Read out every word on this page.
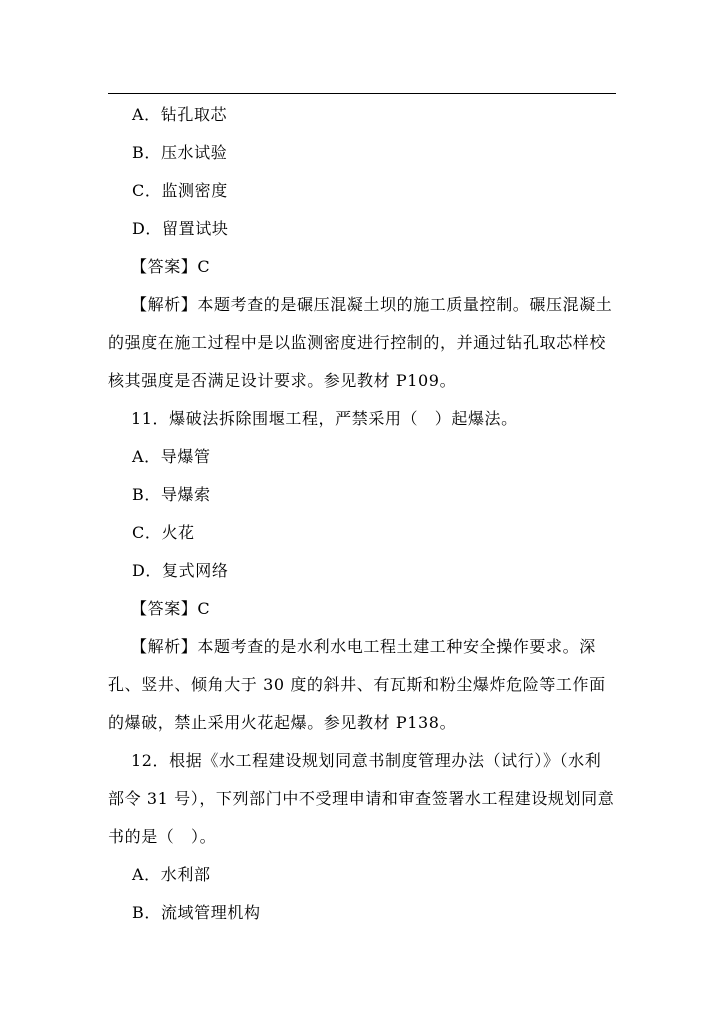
A．钻孔取芯

B．压水试验

C．监测密度

D．留置试块

【答案】C

【解析】本题考查的是碾压混凝土坝的施工质量控制。碾压混凝土的强度在施工过程中是以监测密度进行控制的，并通过钻孔取芯样校核其强度是否满足设计要求。参见教材 P109。

11．爆破法拆除围堰工程，严禁采用（　）起爆法。

A．导爆管

B．导爆索

C．火花

D．复式网络

【答案】C

【解析】本题考查的是水利水电工程土建工种安全操作要求。深孔、竖井、倾角大于 30 度的斜井、有瓦斯和粉尘爆炸危险等工作面的爆破，禁止采用火花起爆。参见教材 P138。

12．根据《水工程建设规划同意书制度管理办法（试行）》（水利部令 31 号），下列部门中不受理申请和审查签署水工程建设规划同意书的是（　）。

A．水利部

B．流域管理机构
